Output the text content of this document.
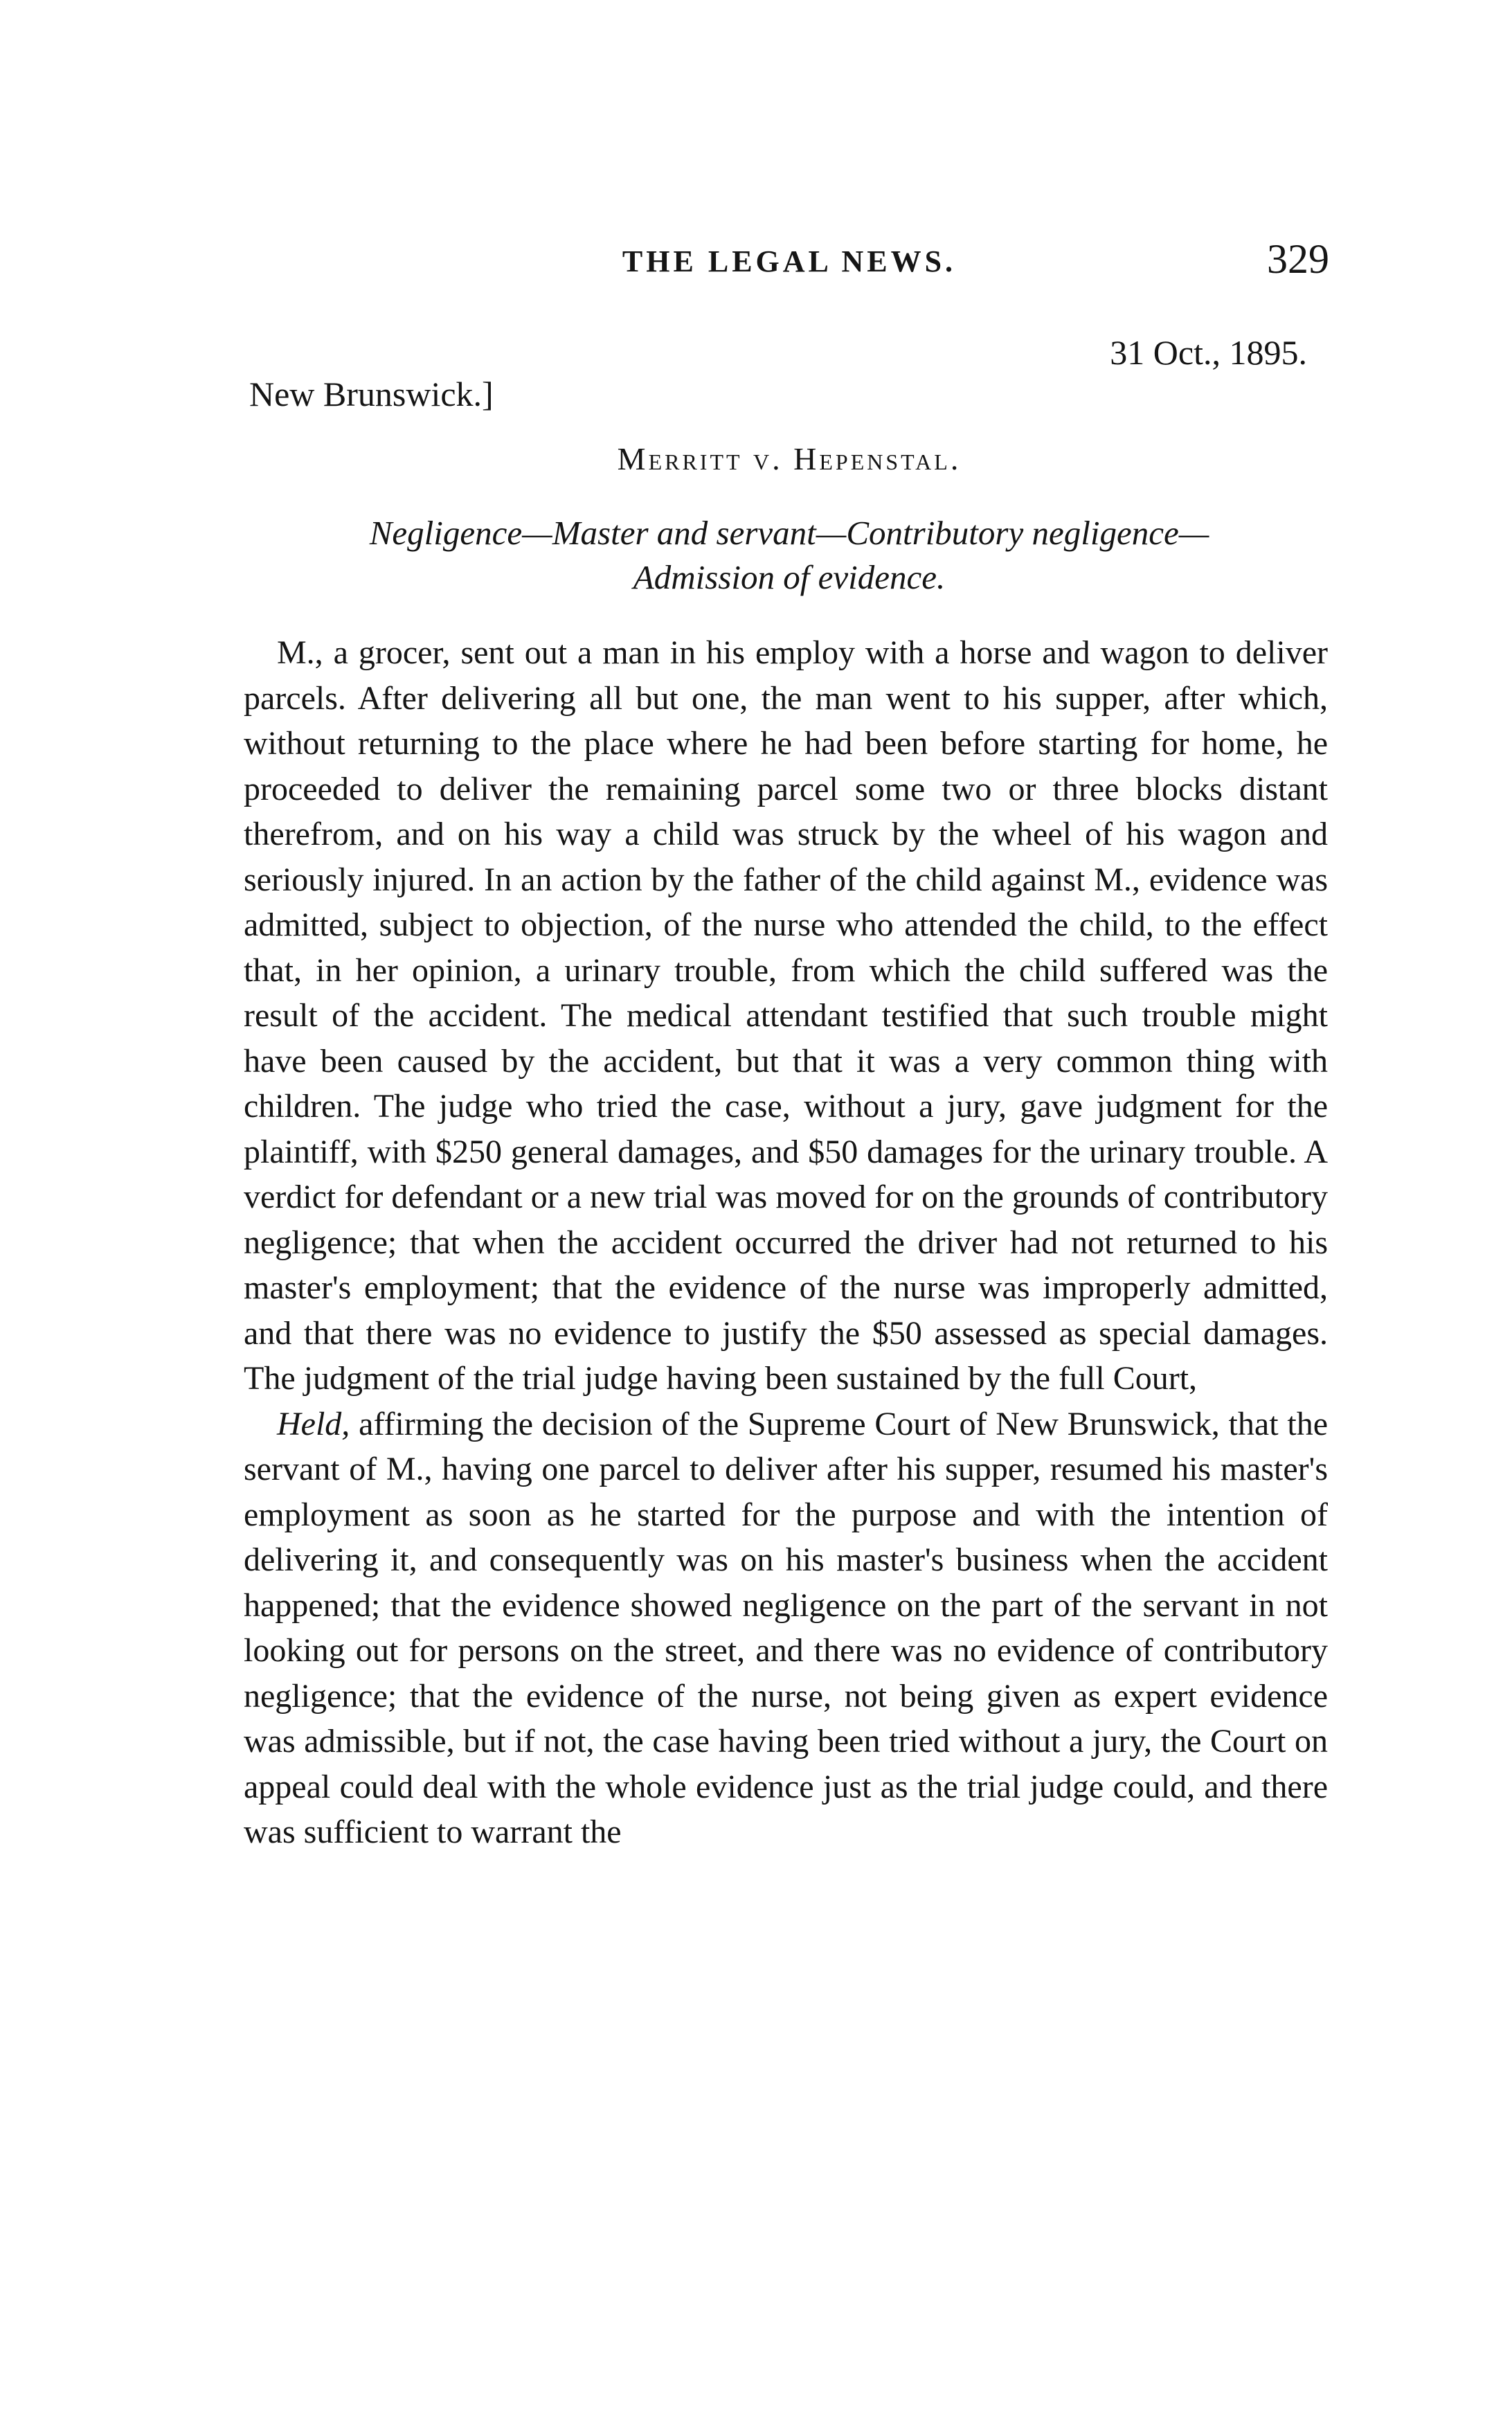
THE LEGAL NEWS.	329
31 Oct., 1895.
New Brunswick.]
Merritt v. Hepenstal.
Negligence—Master and servant—Contributory negligence—
Admission of evidence.

M., a grocer, sent out a man in his employ with a horse and wagon to deliver parcels. After delivering all but one, the man went to his supper, after which, without returning to the place where he had been before starting for home, he proceeded to deliver the remaining parcel some two or three blocks distant therefrom, and on his way a child was struck by the wheel of his wagon and seriously injured. In an action by the father of the child against M., evidence was admitted, subject to objection, of the nurse who attended the child, to the effect that, in her opinion, a urinary trouble, from which the child suffered was the result of the accident. The medical attendant testified that such trouble might have been caused by the accident, but that it was a very common thing with children. The judge who tried the case, without a jury, gave judgment for the plaintiff, with $250 general damages, and $50 damages for the urinary trouble. A verdict for defendant or a new trial was moved for on the grounds of contributory negligence; that when the accident occurred the driver had not returned to his master's employment; that the evidence of the nurse was improperly admitted, and that there was no evidence to justify the $50 assessed as special damages. The judgment of the trial judge having been sustained by the full Court,

Held, affirming the decision of the Supreme Court of New Brunswick, that the servant of M., having one parcel to deliver after his supper, resumed his master's employment as soon as he started for the purpose and with the intention of delivering it, and consequently was on his master's business when the accident happened; that the evidence showed negligence on the part of the servant in not looking out for persons on the street, and there was no evidence of contributory negligence; that the evidence of the nurse, not being given as expert evidence was admissible, but if not, the case having been tried without a jury, the Court on appeal could deal with the whole evidence just as the trial judge could, and there was sufficient to warrant the
